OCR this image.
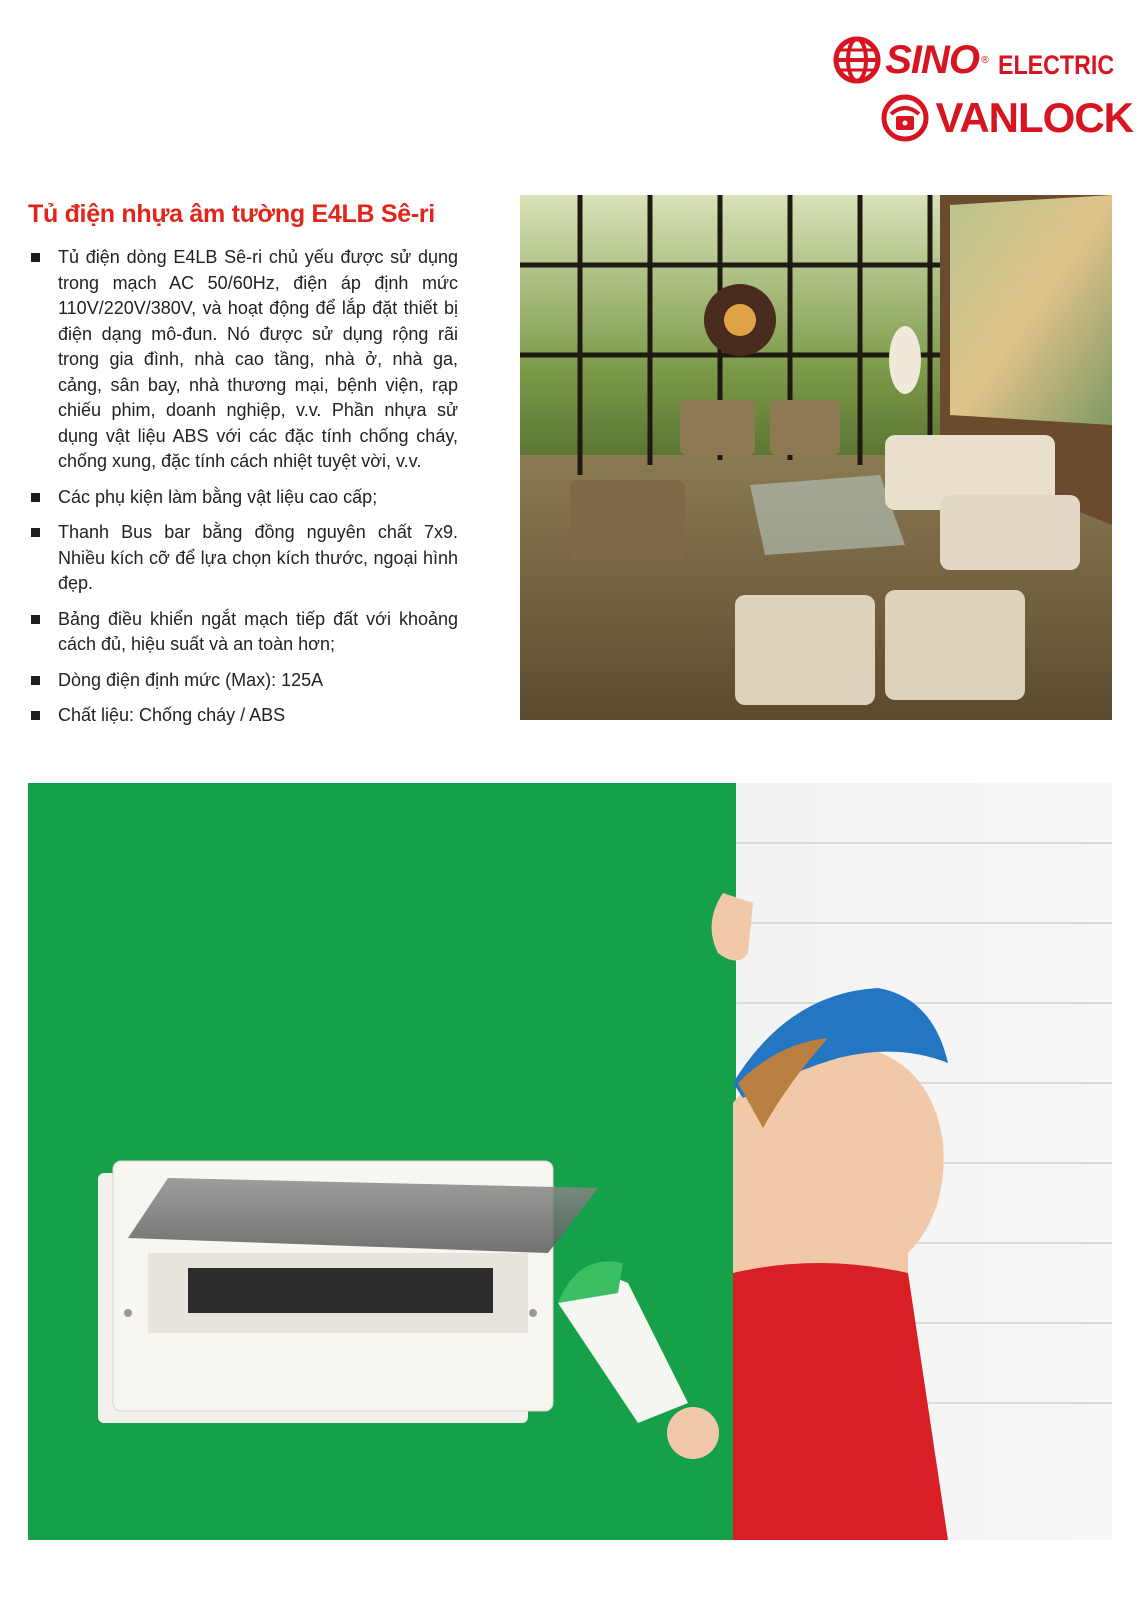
SINO ® ELECTRIC
VANLOCK
Tủ điện nhựa âm tường E4LB Sê-ri
Tủ điện dòng E4LB Sê-ri chủ yếu được sử dụng trong mạch AC 50/60Hz, điện áp định mức 110V/220V/380V, và hoạt động để lắp đặt thiết bị điện dạng mô-đun. Nó được sử dụng rộng rãi trong gia đình, nhà cao tầng, nhà ở, nhà ga, cảng, sân bay, nhà thương mại, bệnh viện, rạp chiếu phim, doanh nghiệp, v.v. Phần nhựa sử dụng vật liệu ABS với các đặc tính chống cháy, chống xung, đặc tính cách nhiệt tuyệt vời, v.v.
Các phụ kiện làm bằng vật liệu cao cấp;
Thanh Bus bar bằng đồng nguyên chất 7x9. Nhiều kích cỡ để lựa chọn kích thước, ngoại hình đẹp.
Bảng điều khiển ngắt mạch tiếp đất với khoảng cách đủ, hiệu suất và an toàn hơn;
Dòng điện định mức (Max): 125A
Chất liệu: Chống cháy / ABS
